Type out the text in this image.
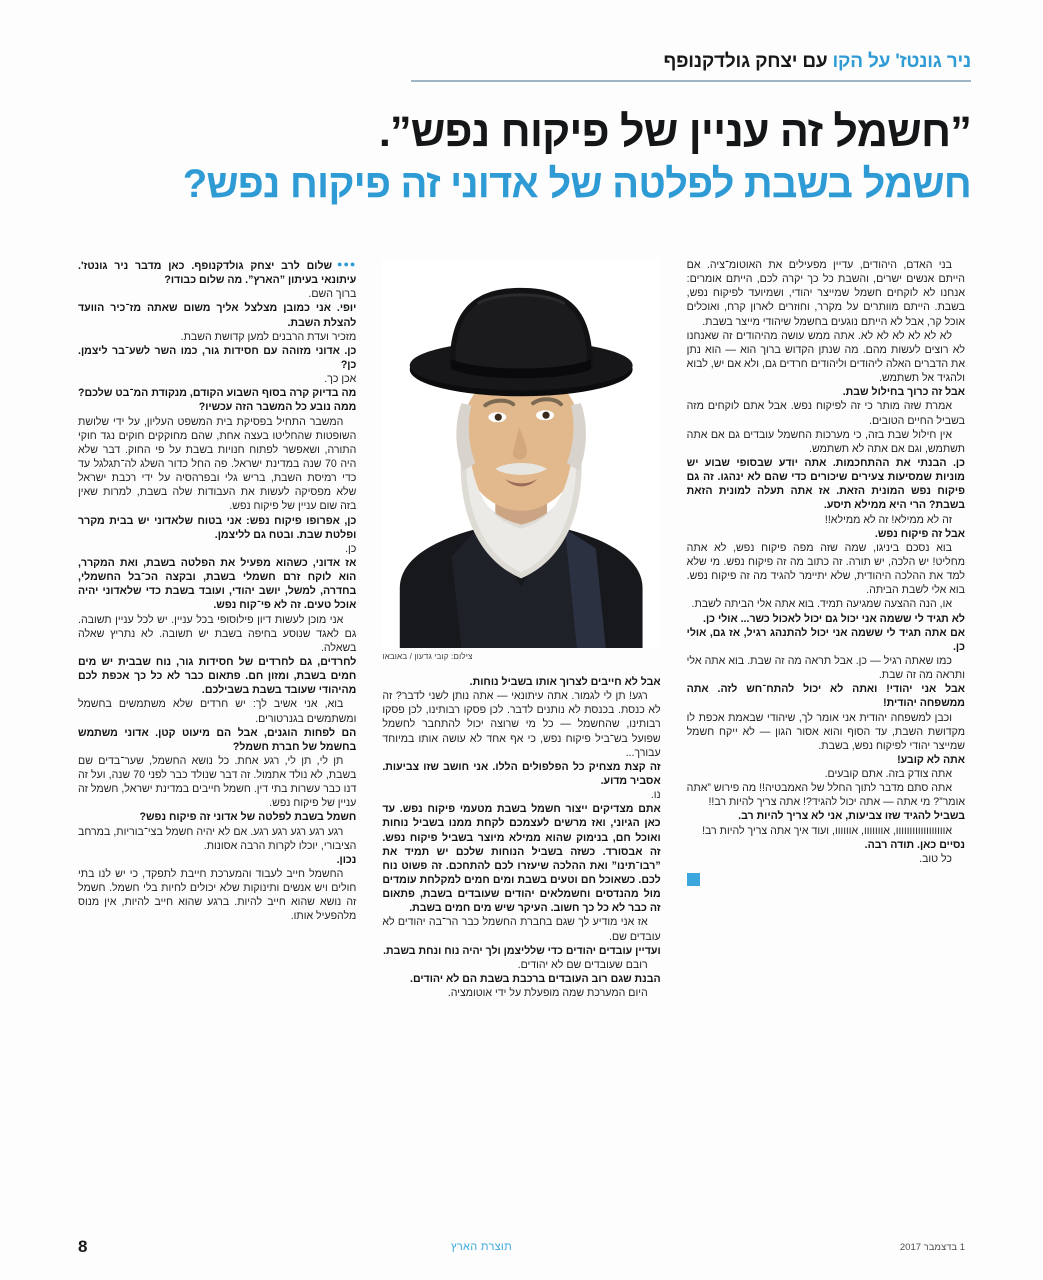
ניר גונטז' על הקו עם יצחק גולדקנופף
”חשמל זה עניין של פיקוח נפש”.
חשמל בשבת לפלטה של אדוני זה פיקוח נפש?

בני האדם, היהודים, עדיין מפעילים את האוטומ־ציה. אם הייתם אנשים ישרים, והשבת כל כך יקרה לכם, הייתם אומרים: אנחנו לא לוקחים חשמל שמייצר יהודי, ושמיועד לפיקוח נפש, בשבת. הייתם מוותרים על מקרר, וחוזרים לארון קרח, ואוכלים אוכל קר, אבל לא הייתם נוגעים בחשמל שיהודי מייצר בשבת.

לא לא לא לא לא לא. אתה ממש עושה מהיהודים זה שאנחנו לא רוצים לעשות מהם. מה שנתן הקדוש ברוך הוא — הוא נתן את הדברים האלה ליהודים וליהודים חרדים גם, ולא אם יש, לבוא ולהגיד אל תשתמש.

אבל זה כרוך בחילול שבת.

אמרת שזה מותר כי זה לפיקוח נפש. אבל אתם לוקחים מזה בשביל החיים הטובים.

אין חילול שבת בזה, כי מערכות החשמל עובדים גם אם אתה תשתמש, וגם אם אתה לא תשתמש.

כן. הבנתי את ההתחכמות. אתה יודע שבסופי שבוע יש מוניות שמסיעות צעירים שיכורים כדי שהם לא ינהגו. זה גם פיקוח נפש המונית הזאת. אז אתה תעלה למונית הזאת בשבת? הרי היא ממילא תיסע.

זה לא ממילא! זה לא ממילא!!

אבל זה פיקוח נפש.

בוא נסכם ביניגו, שמה שזה מפה פיקוח נפש, לא אתה מחליט! יש הלכה, יש תורה. זה כתוב מה זה פיקוח נפש. מי שלא למד את ההלכה היהודית, שלא יתיימר להגיד מה זה פיקוח נפש. בוא אלי לשבת הביתה.

או, הנה ההצעה שמגיעה תמיד. בוא אתה אלי הביתה לשבת.

לא תגיד לי ששמה אני יכול גם יכול לאכול כשר... אולי כן.

אם אתה תגיד לי ששמה אני יכול להתנהג רגיל, אז גם, אולי כן.

כמו שאתה רגיל — כן. אבל תראה מה זה שבת. בוא אתה אלי ותראה מה זה שבת.

אבל אני יהודי! ואתה לא יכול להתח־חש לזה. אתה ממשפחה יהודית!

וכבן למשפחה יהודית אני אומר לך, שיהודי שבאמת אכפת לו מקדושת השבת, עד הסוף והוא אסור הגון — לא ייקח חשמל שמייצר יהודי לפיקוח נפש, בשבת.

אתה לא קובע!

אתה צודק בזה. אתם קובעים.

אתה סתם מדבר לתוך החלל של האמבטיה!! מה פירוש ”אתה אומר”? מי אתה — אתה יכול להגיד?! אתה צריך להיות רב!!

בשביל להגיד שזו צביעות, אני לא צריך להיות רב.

אוווווווווווווווווו, אווווווו, אוווווו, ועוד איך אתה צריך להיות רב!

נסיים כאן. תודה רבה.

כל טוב.

צילום: קובי גדעון / באובאו

אבל לא חייבים לצרוך אותו בשביל נוחות.

רגע! תן לי לגמור. אתה עיתונאי — אתה נותן לשני לדבר? זה לא כנסת. בכנסת לא נותנים לדבר. לכן פסקו רבותינו, לכן פסקו רבותינו, שהחשמל — כל מי שרוצה יכול להתחבר לחשמל שפועל בש־ביל פיקוח נפש, כי אף אחד לא עושה אותו במיוחד עבורך...

זה קצת מצחיק כל הפלפולים הללו. אני חושב שזו צביעות. אסביר מדוע.

נו.

אתם מצדיקים ייצור חשמל בשבת מטעמי פיקוח נפש. עד כאן הגיוני, ואז מרשים לעצמכם לקחת ממנו בשביל נוחות ואוכל חם, בנימוק שהוא ממילא מיוצר בשביל פיקוח נפש. זה אבסורד. כשזה בשביל הנוחות שלכם יש תמיד את ”רבו־תינו” ואת ההלכה שיעזרו לכם להתחכם. זה פשוט נוח לכם. כשאוכל חם וטעים בשבת ומים חמים למקלחת עומדים מול מהנדסים וחשמלאים יהודים שעובדים בשבת, פתאום זה כבר לא כל כך חשוב. העיקר שיש מים חמים בשבת.

אז אני מודיע לך שגם בחברת החשמל כבר הר־בה יהודים לא עובדים שם.

ועדיין עובדים יהודים כדי שלליצמן ולך יהיה נוח ונחת בשבת.

רובם שעובדים שם לא יהודים.

הבנת שגם רוב העובדים ברכבת בשבת הם לא יהודים.

היום המערכת שמה מופעלת על ידי אוטומציה.

●●●שלום לרב יצחק גולדקנופף. כאן מדבר ניר גונטז'. עיתונאי בעיתון ”הארץ”. מה שלום כבודו?

ברוך השם.

יופי. אני כמובן מצלצל אליך משום שאתה מז־כיר הוועד להצלת השבת.

מזכיר ועדת הרבנים למען קדושת השבת.

כן. אדוני מזוהה עם חסידות גור, כמו השר לשע־בר ליצמן. כן?

אכן כך.

מה בדיוק קרה בסוף השבוע הקודם, מנקודת המ־בט שלכם? ממה נובע כל המשבר הזה עכשיו?

המשבר התחיל בפסיקת בית המשפט העליון, על ידי שלושת השופטות שהחליטו בעצה אחת, שהם מחוקקים חוקים נגד חוקי התורה, ושאפשר לפתוח חנויות בשבת על פי החוק. דבר שלא היה 70 שנה במדינת ישראל. פה החל כדור השלג לה־תגלגל עד כדי רמיסת השבת, בריש גלי ובפרהסיה על ידי רכבת ישראל שלא מפסיקה לעשות את העבודות שלה בשבת, למרות שאין בזה שום עניין של פיקוח נפש.

כן, אפרופו פיקוח נפש: אני בטוח שלאדוני יש בבית מקרר ופלטת שבת. ובטח גם לליצמן.

כן.

אז אדוני, כשהוא מפעיל את הפלטה בשבת, ואת המקרר, הוא לוקח זרם חשמלי בשבת, ובקצה הכ־בל החשמלי, בחדרה, למשל, יושב יהודי, ועובד בשבת כדי שלאדוני יהיה אוכל טעים. זה לא פי־קוח נפש.

אני מוכן לעשות דיון פילוסופי בכל עניין. יש לכל עניין תשובה. גם לאגד שנוסע בחיפה בשבת יש תשובה. לא נתריץ שאלה בשאלה.

לחרדים, גם לחרדים של חסידות גור, נוח שבבית יש מים חמים בשבת, ומזון חם. פתאום כבר לא כל כך אכפת לכם מהיהודי שעובד בשבת בשבילכם.

בוא, אני אשיב לך: יש חרדים שלא משתמשים בחשמל ומשתמשים בגנרטורים.

הם לפחות הוגנים, אבל הם מיעוט קטן. אדוני משתמש בחשמל של חברת חשמל?

תן לי, תן לי, רגע אחת. כל נושא החשמל, שער־בדים שם בשבת, לא נולד אתמול. זה דבר שנולד כבר לפני 70 שנה, ועל זה דנו כבר עשרות בתי דין. חשמל חייבים במדינת ישראל, חשמל זה עניין של פיקוח נפש.

חשמל בשבת לפלטה של אדוני זה פיקוח נפש?

רגע רגע רגע רגע רגע. אם לא יהיה חשמל בצי־בוריות, במרחב הציבורי, יוכלו לקרות הרבה אסונות.

נכון.

החשמל חייב לעבוד והמערכת חייבת לתפקד, כי יש לנו בתי חולים ויש אנשים ותינוקות שלא יכולים לחיות בלי חשמל. חשמל זה נושא שהוא חייב להיות. ברגע שהוא חייב להיות, אין מנוס מלהפעיל אותו.

1 בדצמבר 2017
תוצרת הארץ
8
